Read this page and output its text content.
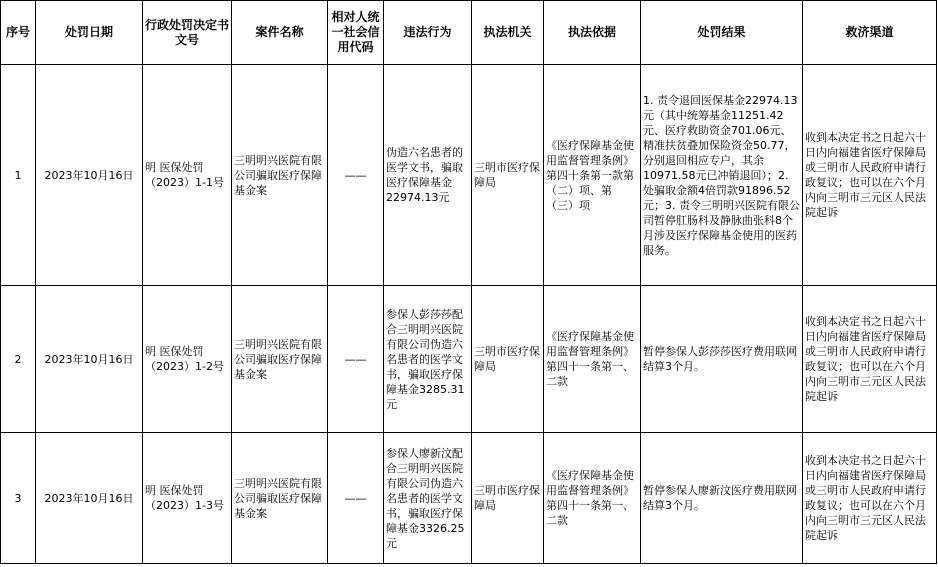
序号	处罚日期	行政处罚决定书文号	案件名称	相对人统一社会信用代码	违法行为	执法机关	执法依据	处罚结果	救济渠道
1	2023年10月16日	明 医保处罚（2023）1-1号	三明明兴医院有限公司骗取医疗保障基金案	——	伪造六名患者的医学文书，骗取医疗保障基金22974.13元	三明市医疗保障局	《医疗保障基金使用监督管理条例》第四十条第一款第（二）项、第（三）项	1. 责令退回医保基金22974.13元（其中统筹基金11251.42元、医疗救助资金701.06元、精准扶贫叠加保险资金50.77，分别退回相应专户，其余10971.58元已冲销退回）；2. 处骗取金额4倍罚款91896.52元；3. 责令三明明兴医院有限公司暂停肛肠科及静脉曲张科8个月涉及医疗保障基金使用的医药服务。	收到本决定书之日起六十日内向福建省医疗保障局或三明市人民政府申请行政复议；也可以在六个月内向三明市三元区人民法院起诉
2	2023年10月16日	明 医保处罚（2023）1-2号	三明明兴医院有限公司骗取医疗保障基金案	——	参保人彭莎莎配合三明明兴医院有限公司伪造六名患者的医学文书，骗取医疗保障基金3285.31元	三明市医疗保障局	《医疗保障基金使用监督管理条例》第四十一条第一、二款	暂停参保人彭莎莎医疗费用联网结算3个月。	收到本决定书之日起六十日内向福建省医疗保障局或三明市人民政府申请行政复议；也可以在六个月内向三明市三元区人民法院起诉
3	2023年10月16日	明 医保处罚（2023）1-3号	三明明兴医院有限公司骗取医疗保障基金案	——	参保人廖新汶配合三明明兴医院有限公司伪造六名患者的医学文书，骗取医疗保障基金3326.25元	三明市医疗保障局	《医疗保障基金使用监督管理条例》第四十一条第一、二款	暂停参保人廖新汶医疗费用联网结算3个月。	收到本决定书之日起六十日内向福建省医疗保障局或三明市人民政府申请行政复议；也可以在六个月内向三明市三元区人民法院起诉
